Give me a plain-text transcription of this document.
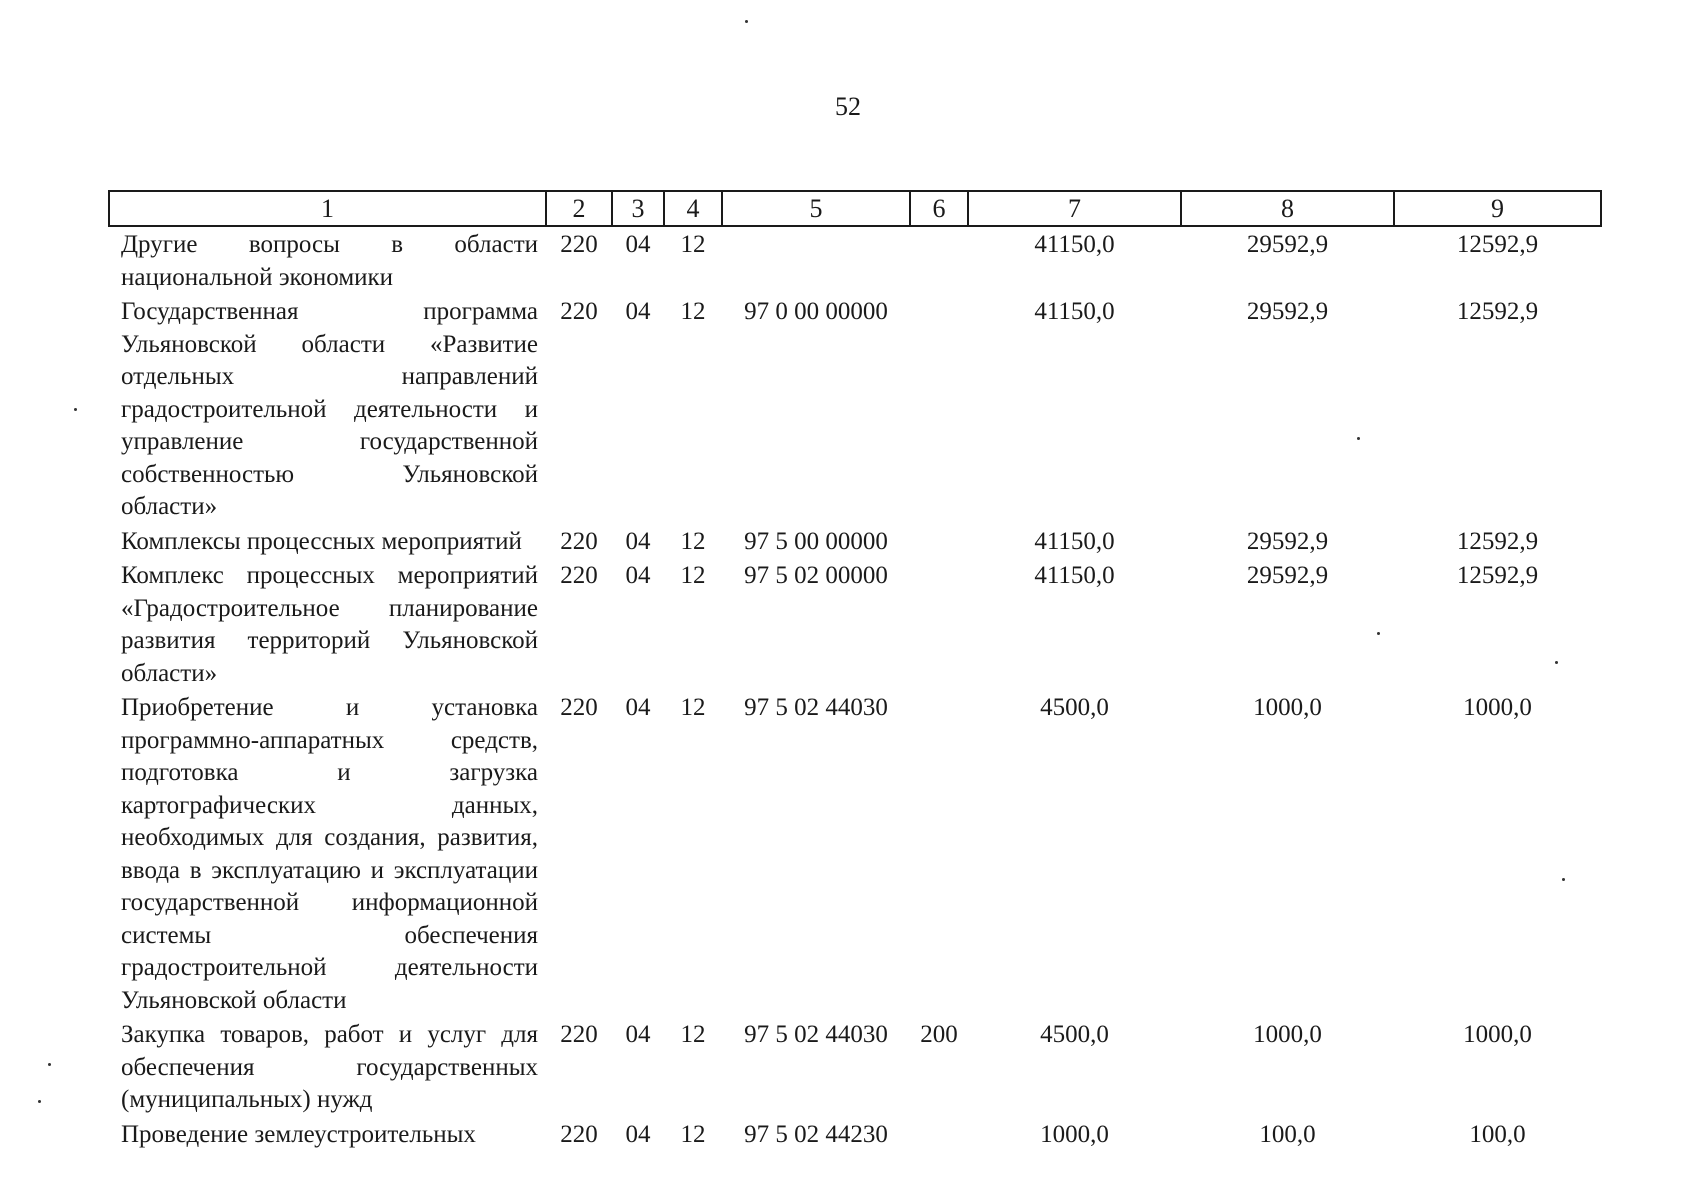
52
1	2	3	4	5	6	7	8	9
Другие вопросы в области национальной экономики	220	04	12			41150,0	29592,9	12592,9
Государственная программа Ульяновской области «Развитие отдельных направлений градостроительной деятельности и управление государственной собственностью Ульяновской области»	220	04	12	97 0 00 00000		41150,0	29592,9	12592,9
Комплексы процессных мероприятий	220	04	12	97 5 00 00000		41150,0	29592,9	12592,9
Комплекс процессных мероприятий «Градостроительное планирование развития территорий Ульяновской области»	220	04	12	97 5 02 00000		41150,0	29592,9	12592,9
Приобретение и установка программно-аппаратных средств, подготовка и загрузка картографических данных, необходимых для создания, развития, ввода в эксплуатацию и эксплуатации государственной информационной системы обеспечения градостроительной деятельности Ульяновской области	220	04	12	97 5 02 44030		4500,0	1000,0	1000,0
Закупка товаров, работ и услуг для обеспечения государственных (муниципальных) нужд	220	04	12	97 5 02 44030	200	4500,0	1000,0	1000,0
Проведение землеустроительных	220	04	12	97 5 02 44230		1000,0	100,0	100,0
